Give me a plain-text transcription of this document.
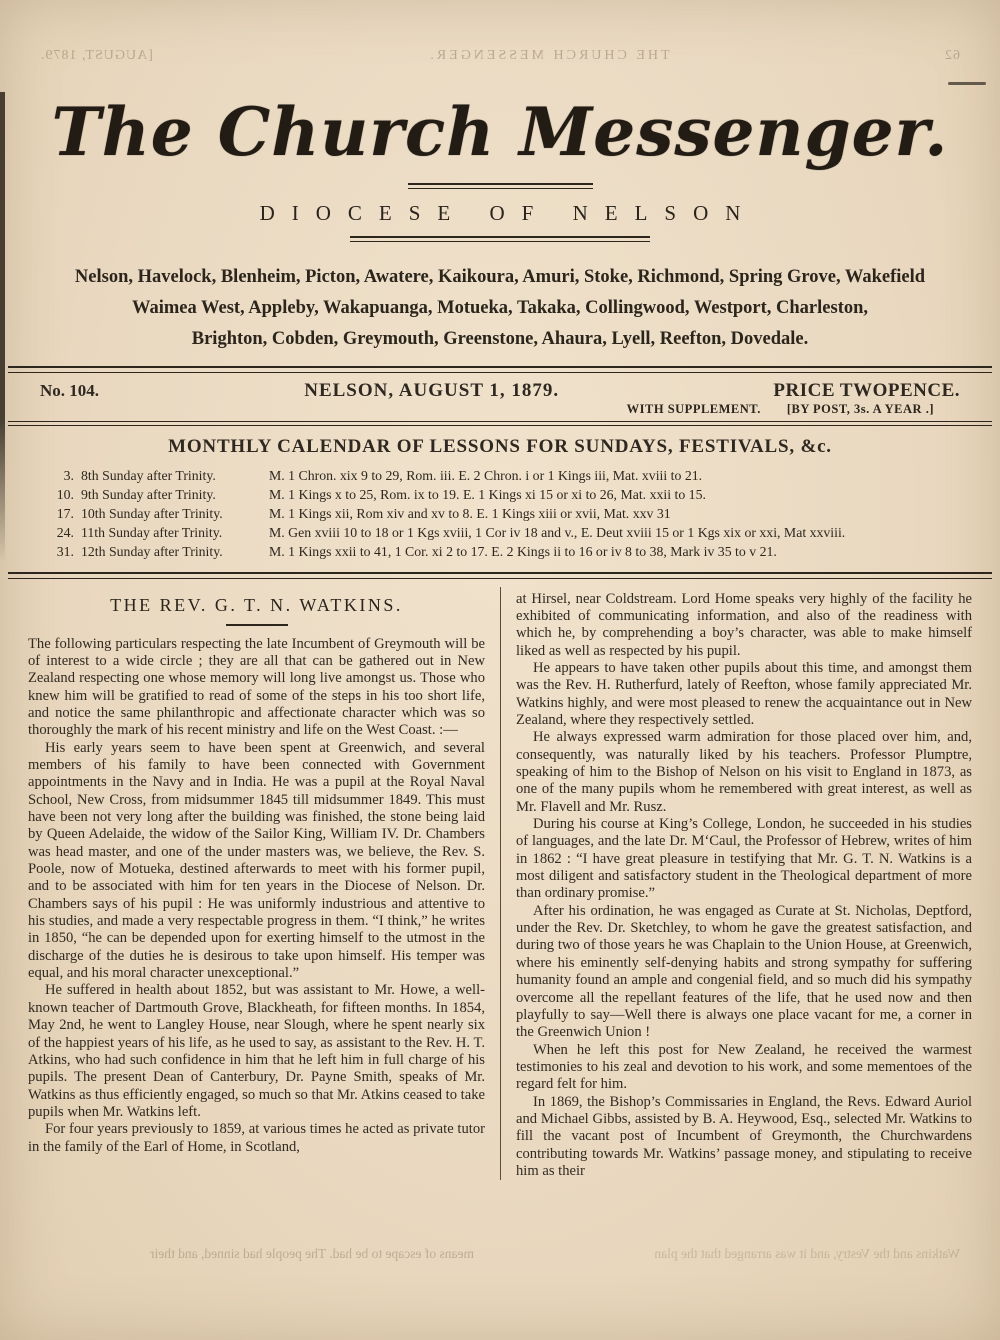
62
THE CHURCH MESSENGER.
[AUGUST, 1879.
The Church Messenger.
DIOCESE OF NELSON
Nelson, Havelock, Blenheim, Picton, Awatere, Kaikoura, Amuri, Stoke, Richmond, Spring Grove, Wakefield
Waimea West, Appleby, Wakapuanga, Motueka, Takaka, Collingwood, Westport, Charleston,
Brighton, Cobden, Greymouth, Greenstone, Ahaura, Lyell, Reefton, Dovedale.
No. 104.	NELSON, AUGUST 1, 1879.	PRICE TWOPENCE.
WITH SUPPLEMENT. [BY POST, 3s. A YEAR .]
MONTHLY CALENDAR OF LESSONS FOR SUNDAYS, FESTIVALS, &c.
3. 8th Sunday after Trinity.	M. 1 Chron. xix 9 to 29, Rom. iii. E. 2 Chron. i or 1 Kings iii, Mat. xviii to 21.
10. 9th Sunday after Trinity.	M. 1 Kings x to 25, Rom. ix to 19. E. 1 Kings xi 15 or xi to 26, Mat. xxii to 15.
17. 10th Sunday after Trinity.	M. 1 Kings xii, Rom xiv and xv to 8. E. 1 Kings xiii or xvii, Mat. xxv 31
24. 11th Sunday after Trinity.	M. Gen xviii 10 to 18 or 1 Kgs xviii, 1 Cor iv 18 and v., E. Deut xviii 15 or 1 Kgs xix or xxi, Mat xxviii.
31. 12th Sunday after Trinity.	M. 1 Kings xxii to 41, 1 Cor. xi 2 to 17. E. 2 Kings ii to 16 or iv 8 to 38, Mark iv 35 to v 21.
THE REV. G. T. N. WATKINS.

The following particulars respecting the late Incumbent of Greymouth will be of interest to a wide circle ; they are all that can be gathered out in New Zealand respecting one whose memory will long live amongst us. Those who knew him will be gratified to read of some of the steps in his too short life, and notice the same philanthropic and affectionate character which was so thoroughly the mark of his recent ministry and life on the West Coast. :—

His early years seem to have been spent at Greenwich, and several members of his family to have been connected with Government appointments in the Navy and in India. He was a pupil at the Royal Naval School, New Cross, from midsummer 1845 till midsummer 1849. This must have been not very long after the building was finished, the stone being laid by Queen Adelaide, the widow of the Sailor King, William IV. Dr. Chambers was head master, and one of the under masters was, we believe, the Rev. S. Poole, now of Motueka, destined afterwards to meet with his former pupil, and to be associated with him for ten years in the Diocese of Nelson. Dr. Chambers says of his pupil : He was uniformly industrious and attentive to his studies, and made a very respectable progress in them. “I think,” he writes in 1850, “he can be depended upon for exerting himself to the utmost in the discharge of the duties he is desirous to take upon himself. His temper was equal, and his moral character unexceptional.”

He suffered in health about 1852, but was assistant to Mr. Howe, a well-known teacher of Dartmouth Grove, Blackheath, for fifteen months. In 1854, May 2nd, he went to Langley House, near Slough, where he spent nearly six of the happiest years of his life, as he used to say, as assistant to the Rev. H. T. Atkins, who had such confidence in him that he left him in full charge of his pupils. The present Dean of Canterbury, Dr. Payne Smith, speaks of Mr. Watkins as thus efficiently engaged, so much so that Mr. Atkins ceased to take pupils when Mr. Watkins left.

For four years previously to 1859, at various times he acted as private tutor in the family of the Earl of Home, in Scotland,

at Hirsel, near Coldstream. Lord Home speaks very highly of the facility he exhibited of communicating information, and also of the readiness with which he, by comprehending a boy’s character, was able to make himself liked as well as respected by his pupil.

He appears to have taken other pupils about this time, and amongst them was the Rev. H. Rutherfurd, lately of Reefton, whose family appreciated Mr. Watkins highly, and were most pleased to renew the acquaintance out in New Zealand, where they respectively settled.

He always expressed warm admiration for those placed over him, and, consequently, was naturally liked by his teachers. Professor Plumptre, speaking of him to the Bishop of Nelson on his visit to England in 1873, as one of the many pupils whom he remembered with great interest, as well as Mr. Flavell and Mr. Rusz.

During his course at King’s College, London, he succeeded in his studies of languages, and the late Dr. M‘Caul, the Professor of Hebrew, writes of him in 1862 : “I have great pleasure in testifying that Mr. G. T. N. Watkins is a most diligent and satisfactory student in the Theological department of more than ordinary promise.”

After his ordination, he was engaged as Curate at St. Nicholas, Deptford, under the Rev. Dr. Sketchley, to whom he gave the greatest satisfaction, and during two of those years he was Chaplain to the Union House, at Greenwich, where his eminently self-denying habits and strong sympathy for suffering humanity found an ample and congenial field, and so much did his sympathy overcome all the repellant features of the life, that he used now and then playfully to say—Well there is always one place vacant for me, a corner in the Greenwich Union !

When he left this post for New Zealand, he received the warmest testimonies to his zeal and devotion to his work, and some mementoes of the regard felt for him.

In 1869, the Bishop’s Commissaries in England, the Revs. Edward Auriol and Michael Gibbs, assisted by B. A. Heywood, Esq., selected Mr. Watkins to fill the vacant post of Incumbent of Greymonth, the Churchwardens contributing towards Mr. Watkins’ passage money, and stipulating to receive him as their

means of escape to be had. The people had sinned, and their	Watkins and the Vestry, and it was arranged that the plan
